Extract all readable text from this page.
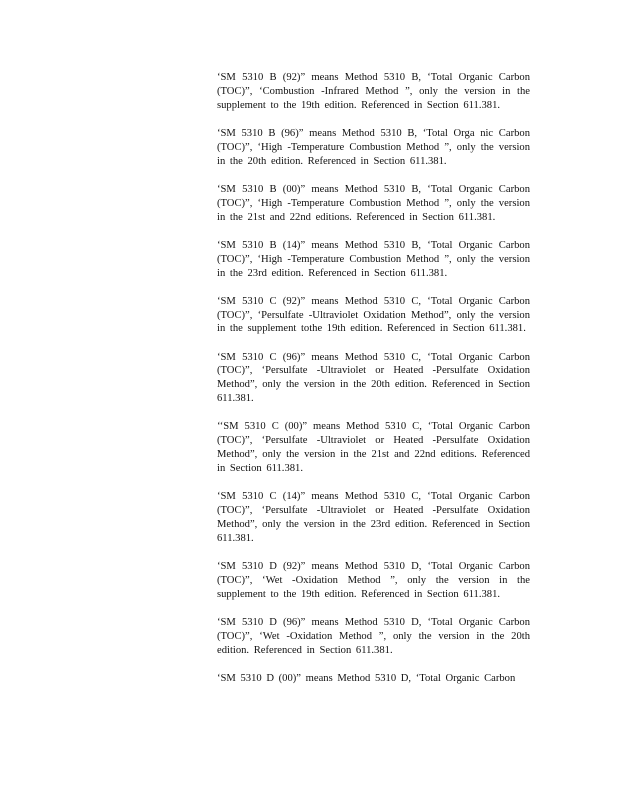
‘SM 5310 B (92)” means Method 5310 B, ‘Total Organic Carbon (TOC)”, ‘Combustion -Infrared Method ”, only the version in the supplement to the 19th edition. Referenced in Section 611.381.

‘SM 5310 B (96)” means Method 5310 B, ‘Total Orga nic Carbon (TOC)”, ‘High -Temperature Combustion Method ”, only the version in the 20th edition. Referenced in Section 611.381.

‘SM 5310 B (00)” means Method 5310 B, ‘Total Organic Carbon (TOC)”, ‘High -Temperature Combustion Method ”, only the version in the 21st and 22nd editions. Referenced in Section 611.381.

‘SM 5310 B (14)” means Method 5310 B, ‘Total Organic Carbon (TOC)”, ‘High -Temperature Combustion Method ”, only the version in the 23rd edition. Referenced in Section 611.381.

‘SM 5310 C (92)” means Method 5310 C, ‘Total Organic Carbon (TOC)”, ‘Persulfate -Ultraviolet Oxidation Method”, only the version in the supplement tothe 19th edition. Referenced in Section 611.381.

‘SM 5310 C (96)” means Method 5310 C, ‘Total Organic Carbon (TOC)”, ‘Persulfate -Ultraviolet or Heated -Persulfate Oxidation Method”, only the version in the 20th edition. Referenced in Section 611.381.

‘‘SM 5310 C (00)” means Method 5310 C, ‘Total Organic Carbon (TOC)”, ‘Persulfate -Ultraviolet or Heated -Persulfate Oxidation Method”, only the version in the 21st and 22nd editions. Referenced in Section 611.381.

‘SM 5310 C (14)” means Method 5310 C, ‘Total Organic Carbon (TOC)”, ‘Persulfate -Ultraviolet or Heated -Persulfate Oxidation Method”, only the version in the 23rd edition. Referenced in Section 611.381.

‘SM 5310 D (92)” means Method 5310 D, ‘Total Organic Carbon (TOC)”, ‘Wet -Oxidation Method ”, only the version in the supplement to the 19th edition. Referenced in Section 611.381.

‘SM 5310 D (96)” means Method 5310 D, ‘Total Organic Carbon (TOC)”, ‘Wet -Oxidation Method ”, only the version in the 20th edition. Referenced in Section 611.381.

‘SM 5310 D (00)” means Method 5310 D, ‘Total Organic Carbon
